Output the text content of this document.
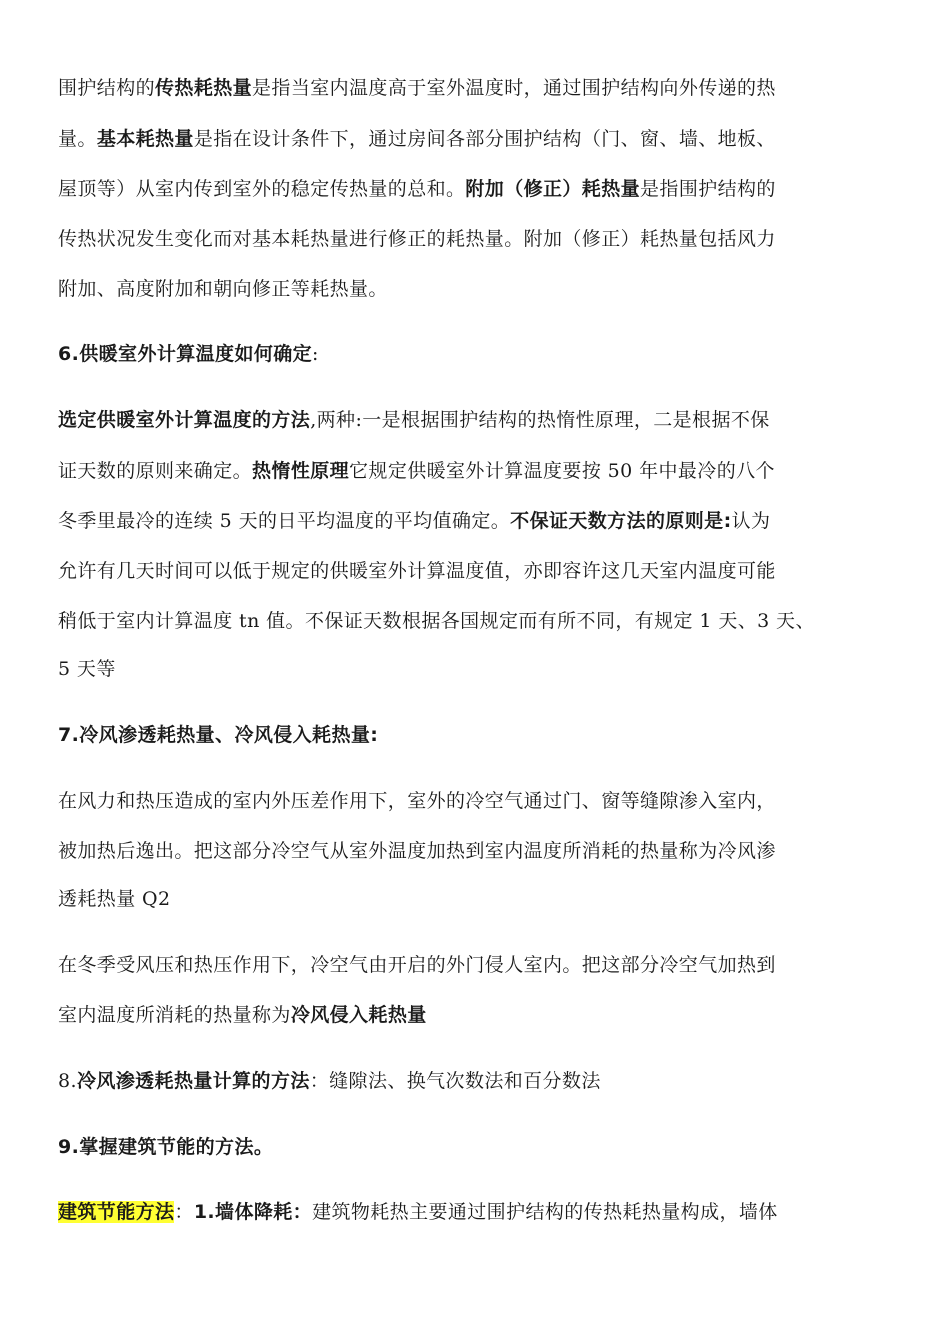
围护结构的传热耗热量是指当室内温度高于室外温度时，通过围护结构向外传递的热
量。基本耗热量是指在设计条件下，通过房间各部分围护结构（门、窗、墙、地板、
屋顶等）从室内传到室外的稳定传热量的总和。附加（修正）耗热量是指围护结构的
传热状况发生变化而对基本耗热量进行修正的耗热量。附加（修正）耗热量包括风力
附加、高度附加和朝向修正等耗热量。
6.供暖室外计算温度如何确定:
选定供暖室外计算温度的方法,两种:一是根据围护结构的热惰性原理，二是根据不保
证天数的原则来确定。热惰性原理它规定供暖室外计算温度要按 50 年中最冷的八个
冬季里最冷的连续 5 天的日平均温度的平均值确定。不保证天数方法的原则是:认为
允许有几天时间可以低于规定的供暖室外计算温度值，亦即容许这几天室内温度可能
稍低于室内计算温度 tn 值。不保证天数根据各国规定而有所不同，有规定 1 天、3 天、
5 天等
7.冷风渗透耗热量、冷风侵入耗热量:
在风力和热压造成的室内外压差作用下，室外的冷空气通过门、窗等缝隙渗入室内，
被加热后逸出。把这部分冷空气从室外温度加热到室内温度所消耗的热量称为冷风渗
透耗热量 Q2
在冬季受风压和热压作用下，冷空气由开启的外门侵人室内。把这部分冷空气加热到
室内温度所消耗的热量称为冷风侵入耗热量
8.冷风渗透耗热量计算的方法：缝隙法、换气次数法和百分数法
9.掌握建筑节能的方法。
建筑节能方法：1.墙体降耗：建筑物耗热主要通过围护结构的传热耗热量构成，墙体
